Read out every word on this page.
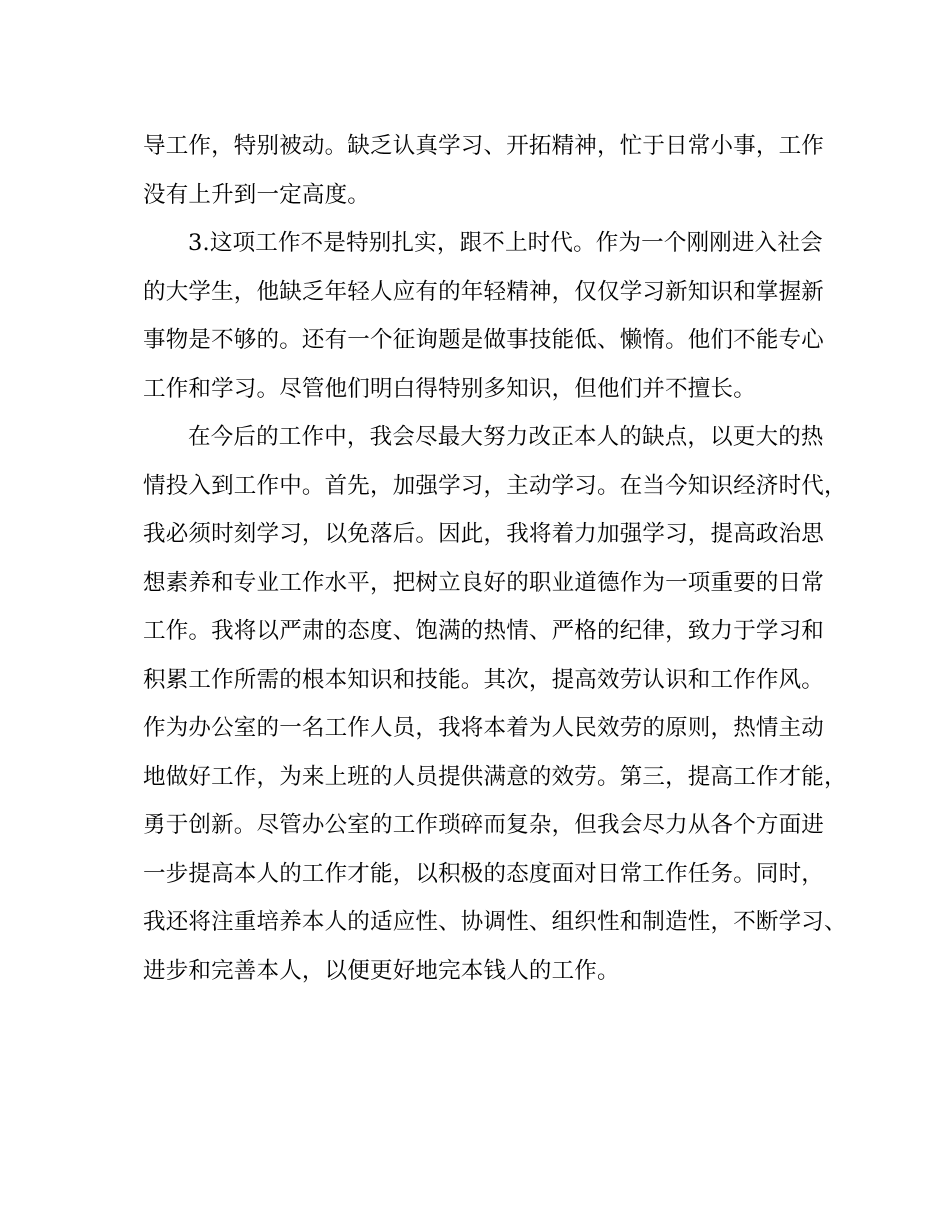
导工作，特别被动。缺乏认真学习、开拓精神，忙于日常小事，工作
没有上升到一定高度。
3.这项工作不是特别扎实，跟不上时代。作为一个刚刚进入社会
的大学生，他缺乏年轻人应有的年轻精神，仅仅学习新知识和掌握新
事物是不够的。还有一个征询题是做事技能低、懒惰。他们不能专心
工作和学习。尽管他们明白得特别多知识，但他们并不擅长。
在今后的工作中，我会尽最大努力改正本人的缺点，以更大的热
情投入到工作中。首先，加强学习，主动学习。在当今知识经济时代，
我必须时刻学习，以免落后。因此，我将着力加强学习，提高政治思
想素养和专业工作水平，把树立良好的职业道德作为一项重要的日常
工作。我将以严肃的态度、饱满的热情、严格的纪律，致力于学习和
积累工作所需的根本知识和技能。其次，提高效劳认识和工作作风。
作为办公室的一名工作人员，我将本着为人民效劳的原则，热情主动
地做好工作，为来上班的人员提供满意的效劳。第三，提高工作才能，
勇于创新。尽管办公室的工作琐碎而复杂，但我会尽力从各个方面进
一步提高本人的工作才能，以积极的态度面对日常工作任务。同时，
我还将注重培养本人的适应性、协调性、组织性和制造性，不断学习、
进步和完善本人，以便更好地完本钱人的工作。
